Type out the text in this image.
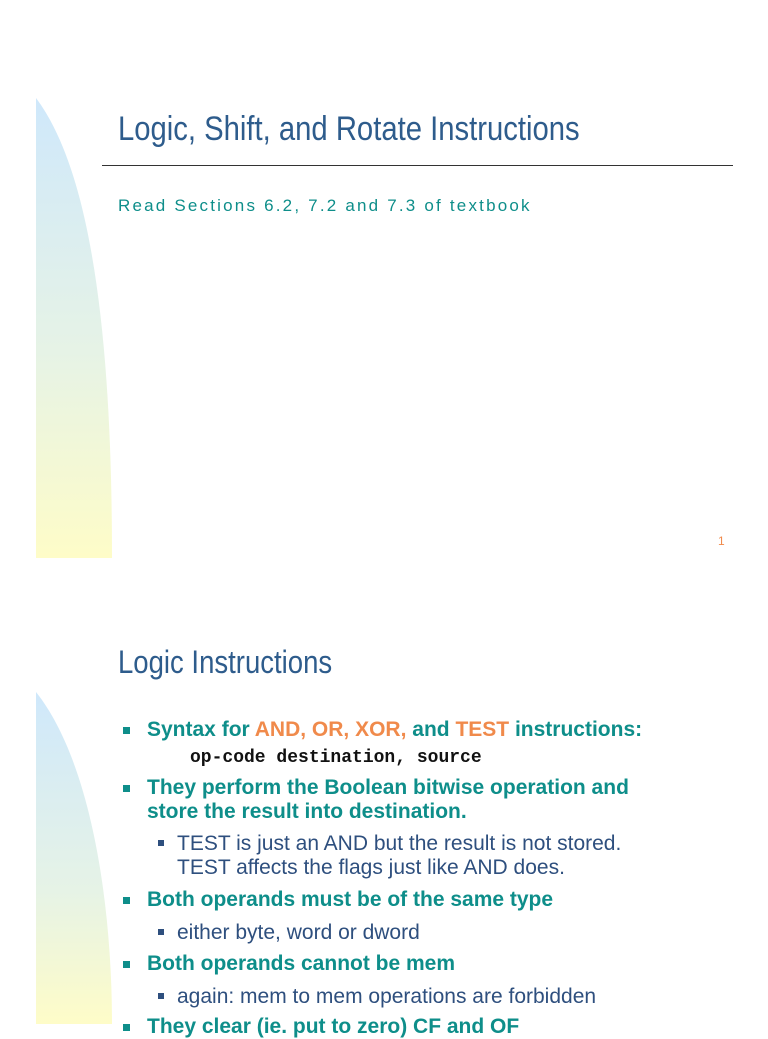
Logic, Shift, and Rotate Instructions
Read Sections 6.2, 7.2 and 7.3 of textbook
1
Logic Instructions
Syntax for AND, OR, XOR, and TEST instructions:
op-code destination, source
They perform the Boolean bitwise operation and
store the result into destination.
TEST is just an AND but the result is not stored.
TEST affects the flags just like AND does.
Both operands must be of the same type
either byte, word or dword
Both operands cannot be mem
again: mem to mem operations are forbidden
They clear (ie. put to zero) CF and OF
